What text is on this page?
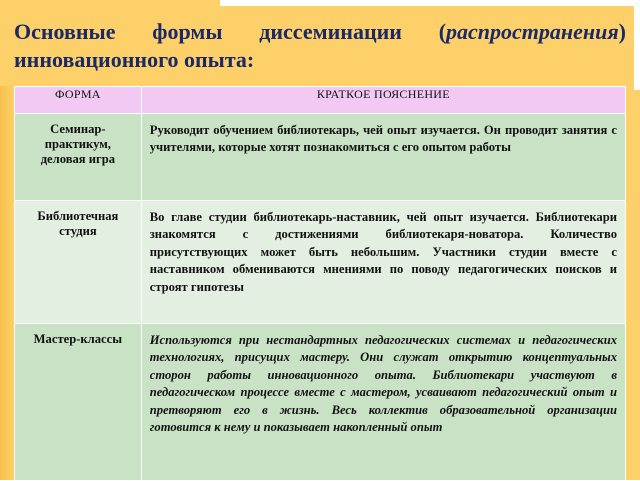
Основные формы диссеминации (распространения) инновационного опыта:
ФОРМА	КРАТКОЕ ПОЯСНЕНИЕ

Семинар-практикум, деловая игра	Руководит обучением библиотекарь, чей опыт изучается. Он проводит занятия с учителями, которые хотят познакомиться с его опытом работы

Библиотечная студия	Во главе студии библиотекарь-наставник, чей опыт изучается. Библиотекари знакомятся с достижениями библиотекаря-новатора. Количество присутствующих может быть небольшим. Участники студии вместе с наставником обмениваются мнениями по поводу педагогических поисков и строят гипотезы

Мастер-классы	Используются при нестандартных педагогических системах и педагогических технологиях, присущих мастеру. Они служат открытию концептуальных сторон работы инновационного опыта. Библиотекари участвуют в педагогическом процессе вместе с мастером, усваивают педагогический опыт и претворяют его в жизнь. Весь коллектив образовательной организации готовится к нему и показывает накопленный опыт
